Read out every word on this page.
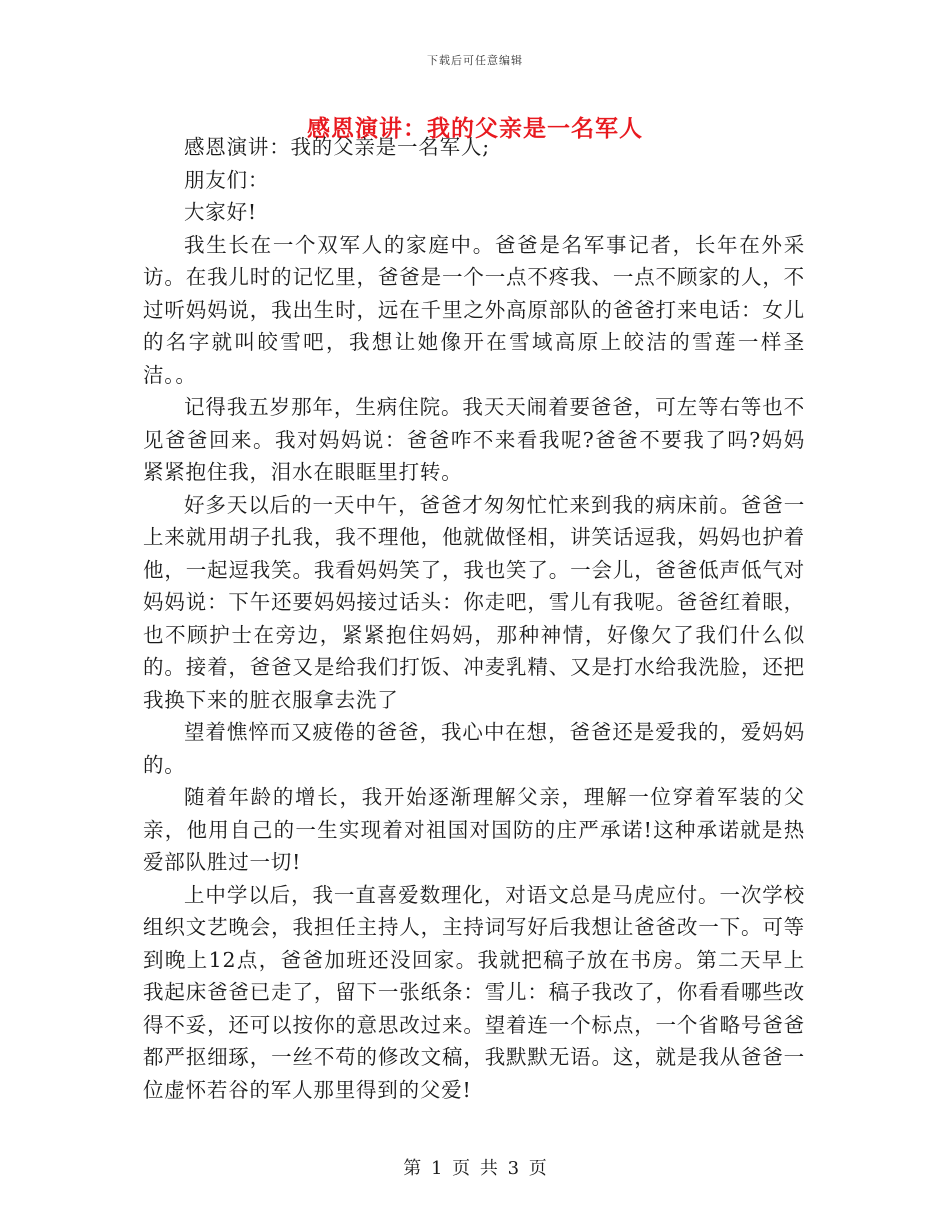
下载后可任意编辑
感恩演讲：我的父亲是一名军人

感恩演讲：我的父亲是一名军人;

朋友们：

大家好!

我生长在一个双军人的家庭中。爸爸是名军事记者，长年在外采访。在我儿时的记忆里，爸爸是一个一点不疼我、一点不顾家的人，不过听妈妈说，我出生时，远在千里之外高原部队的爸爸打来电话：女儿的名字就叫皎雪吧，我想让她像开在雪域高原上皎洁的雪莲一样圣洁。。

记得我五岁那年，生病住院。我天天闹着要爸爸，可左等右等也不见爸爸回来。我对妈妈说：爸爸咋不来看我呢?爸爸不要我了吗?妈妈紧紧抱住我，泪水在眼眶里打转。

好多天以后的一天中午，爸爸才匆匆忙忙来到我的病床前。爸爸一上来就用胡子扎我，我不理他，他就做怪相，讲笑话逗我，妈妈也护着他，一起逗我笑。我看妈妈笑了，我也笑了。一会儿，爸爸低声低气对妈妈说：下午还要妈妈接过话头：你走吧，雪儿有我呢。爸爸红着眼，也不顾护士在旁边，紧紧抱住妈妈，那种神情，好像欠了我们什么似的。接着，爸爸又是给我们打饭、冲麦乳精、又是打水给我洗脸，还把我换下来的脏衣服拿去洗了

望着憔悴而又疲倦的爸爸，我心中在想，爸爸还是爱我的，爱妈妈的。

随着年龄的增长，我开始逐渐理解父亲，理解一位穿着军装的父亲，他用自己的一生实现着对祖国对国防的庄严承诺!这种承诺就是热爱部队胜过一切!

上中学以后，我一直喜爱数理化，对语文总是马虎应付。一次学校组织文艺晚会，我担任主持人，主持词写好后我想让爸爸改一下。可等到晚上12点，爸爸加班还没回家。我就把稿子放在书房。第二天早上我起床爸爸已走了，留下一张纸条：雪儿：稿子我改了，你看看哪些改得不妥，还可以按你的意思改过来。望着连一个标点，一个省略号爸爸都严抠细琢，一丝不苟的修改文稿，我默默无语。这，就是我从爸爸一位虚怀若谷的军人那里得到的父爱!

第 1 页 共 3 页
